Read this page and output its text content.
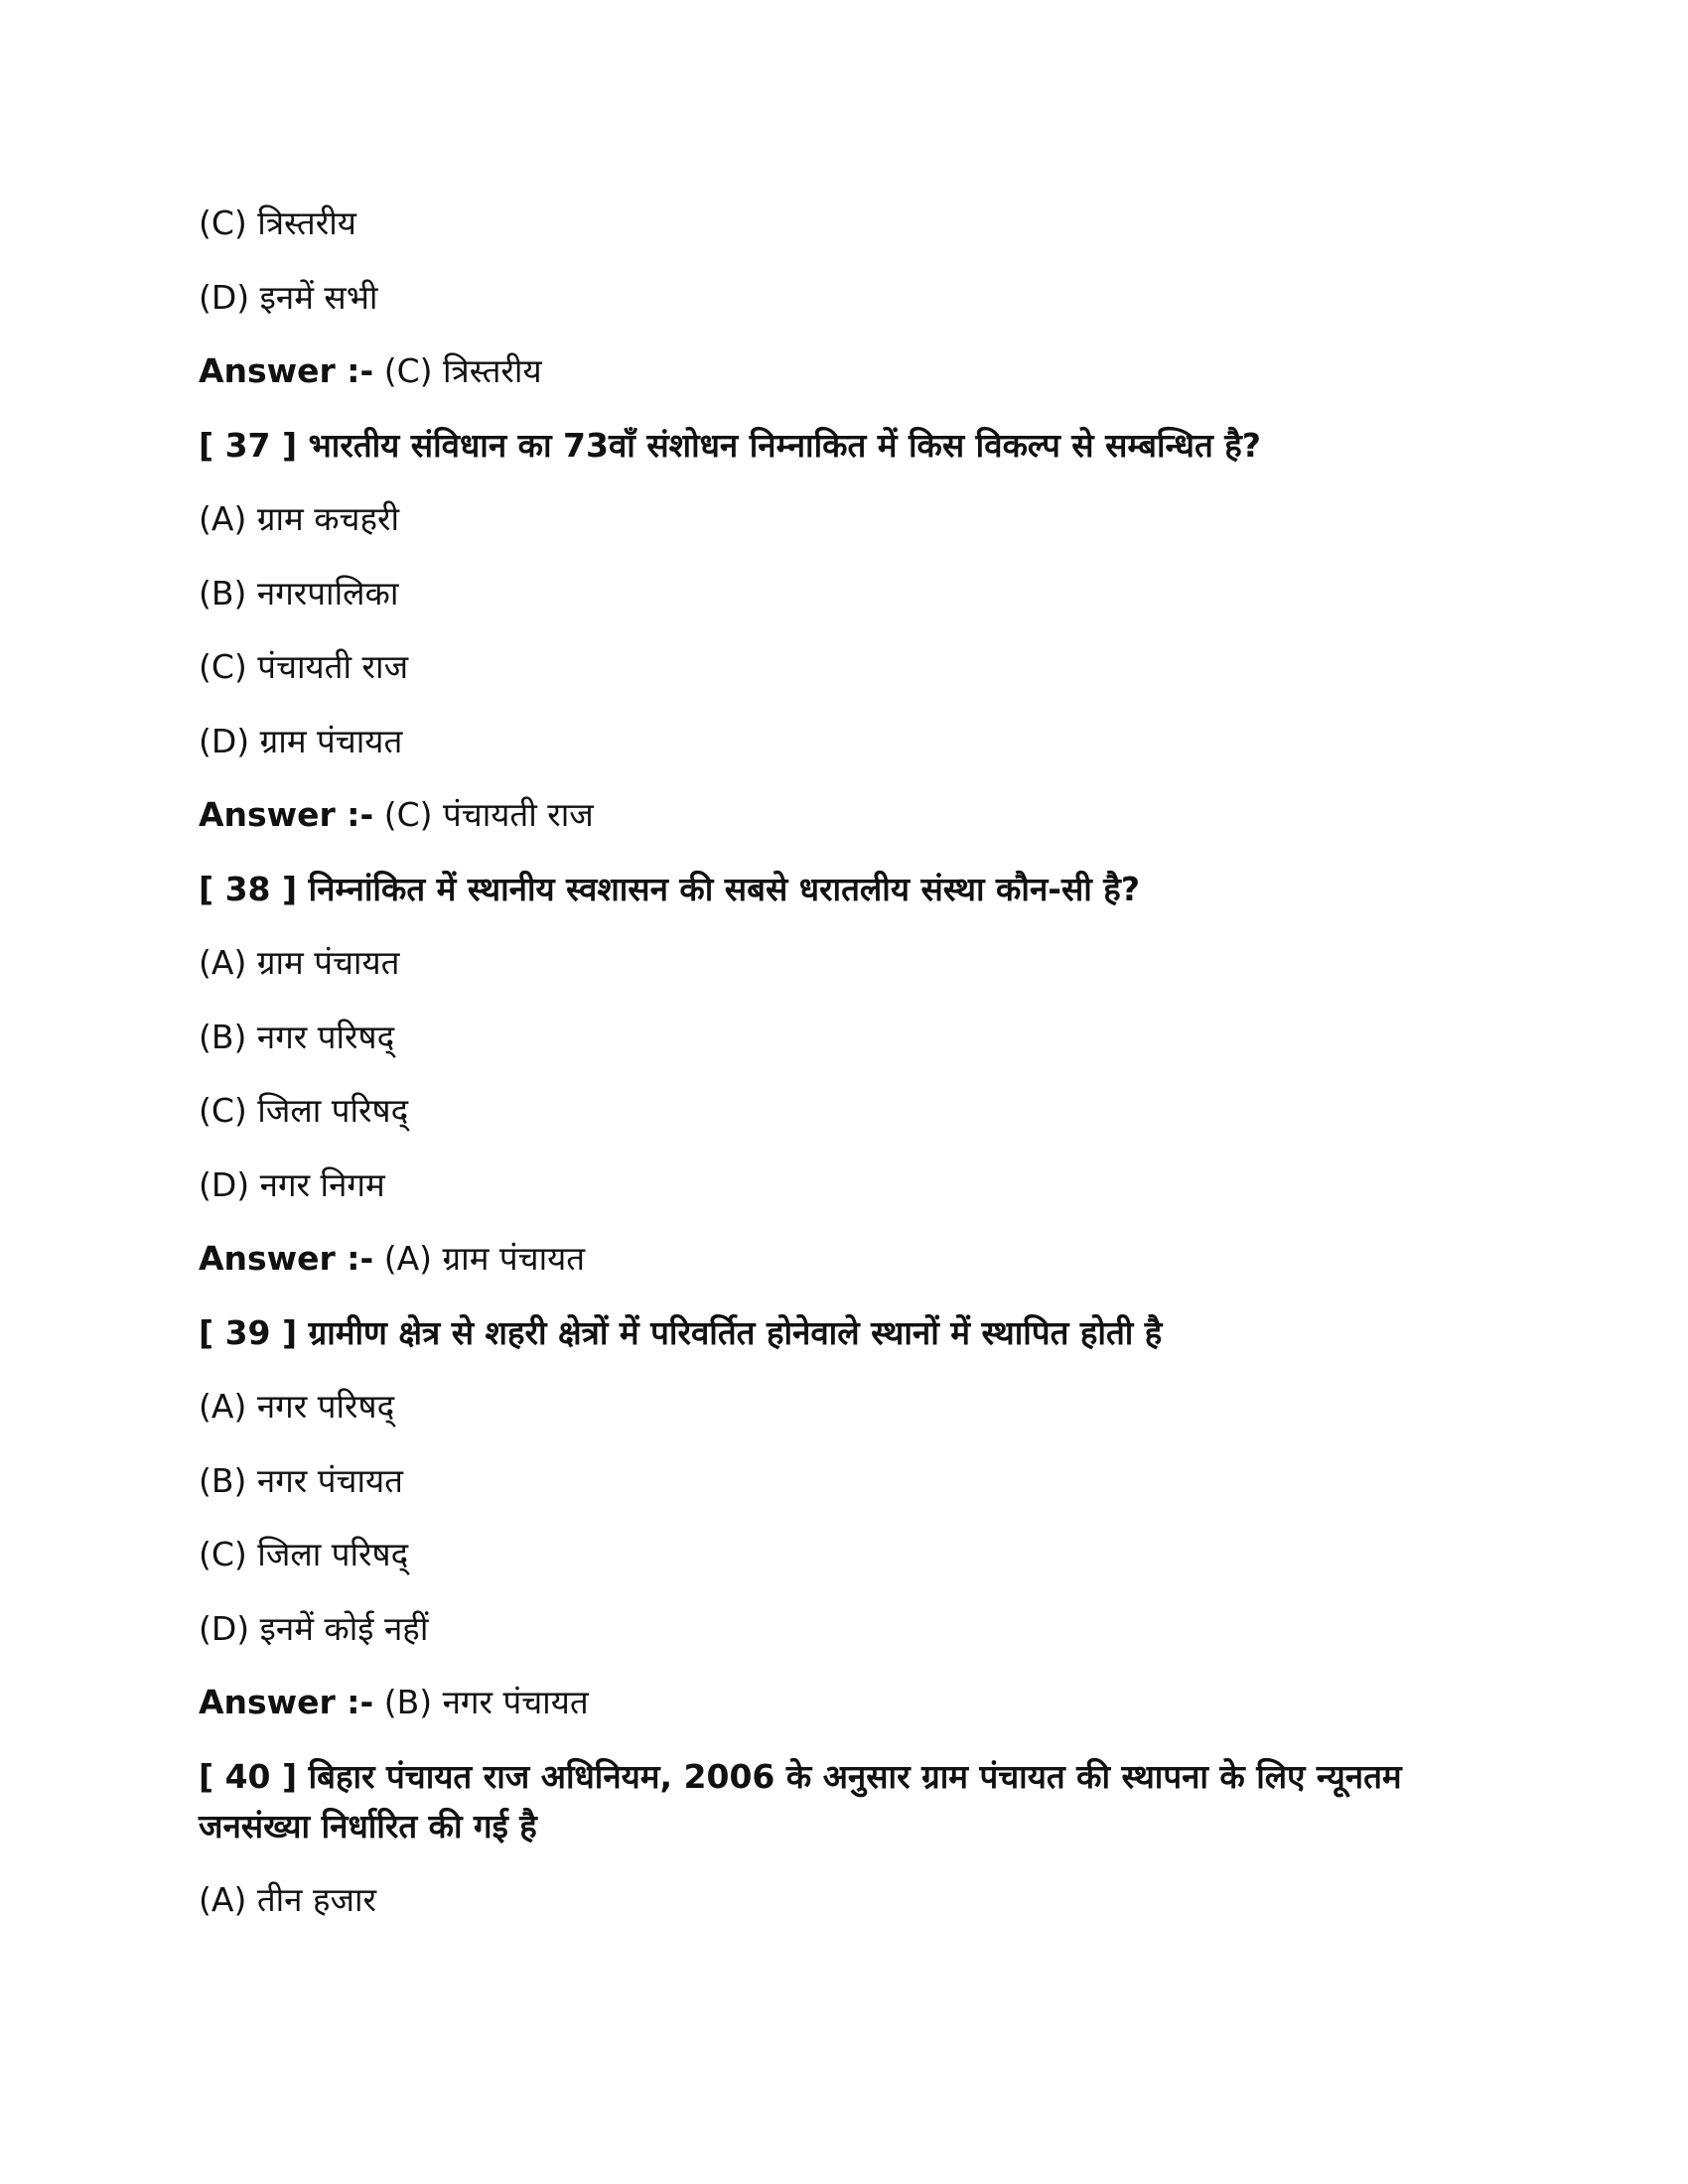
(C) त्रिस्तरीय
(D) इनमें सभी
Answer :- (C) त्रिस्तरीय
[ 37 ] भारतीय संविधान का 73वाँ संशोधन निम्नाकित में किस विकल्प से सम्बन्धित है?
(A) ग्राम कचहरी
(B) नगरपालिका
(C) पंचायती राज
(D) ग्राम पंचायत
Answer :- (C) पंचायती राज
[ 38 ] निम्नांकित में स्थानीय स्वशासन की सबसे धरातलीय संस्था कौन-सी है?
(A) ग्राम पंचायत
(B) नगर परिषद्
(C) जिला परिषद्
(D) नगर निगम
Answer :- (A) ग्राम पंचायत
[ 39 ] ग्रामीण क्षेत्र से शहरी क्षेत्रों में परिवर्तित होनेवाले स्थानों में स्थापित होती है
(A) नगर परिषद्
(B) नगर पंचायत
(C) जिला परिषद्
(D) इनमें कोई नहीं
Answer :- (B) नगर पंचायत
[ 40 ] बिहार पंचायत राज अधिनियम, 2006 के अनुसार ग्राम पंचायत की स्थापना के लिए न्यूनतम जनसंख्या निर्धारित की गई है
(A) तीन हजार
